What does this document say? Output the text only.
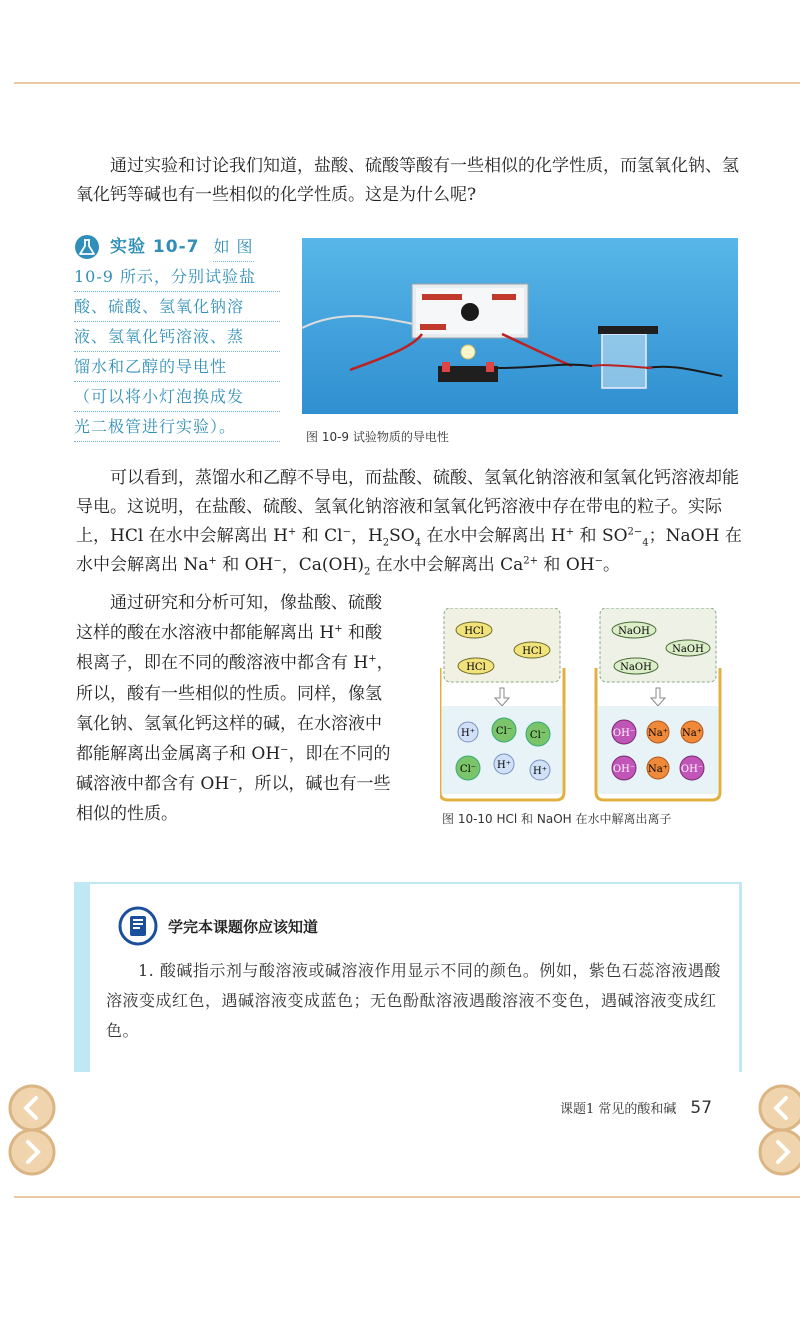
通过实验和讨论我们知道，盐酸、硫酸等酸有一些相似的化学性质，而氢氧化钠、氢氧化钙等碱也有一些相似的化学性质。这是为什么呢?

实验 10-7 如 图
10-9 所示，分别试验盐
酸、硫酸、氢氧化钠溶
液、氢氧化钙溶液、蒸
馏水和乙醇的导电性
（可以将小灯泡换成发
光二极管进行实验）。
图 10-9 试验物质的导电性

可以看到，蒸馏水和乙醇不导电，而盐酸、硫酸、氢氧化钠溶液和氢氧化钙溶液却能导电。这说明，在盐酸、硫酸、氢氧化钠溶液和氢氧化钙溶液中存在带电的粒子。实际上，HCl 在水中会解离出 H+ 和 Cl−，$H_2SO_4$ 在水中会解离出 H+ 和 $SO^{2-}_4$；NaOH 在水中会解离出 Na+ 和 OH−，$Ca(OH)_2$ 在水中会解离出 $Ca^{2+}$ 和 OH−。

通过研究和分析可知，像盐酸、硫酸这样的酸在水溶液中都能解离出 H+ 和酸根离子，即在不同的酸溶液中都含有 H+，所以，酸有一些相似的性质。同样，像氢氧化钠、氢氧化钙这样的碱，在水溶液中都能解离出金属离子和 OH−，即在不同的碱溶液中都含有 OH−，所以，碱也有一些相似的性质。

HCl
HCl
HCl
H⁺ Cl⁻ Cl⁻
Cl⁻ H⁺
H⁺
NaOH
NaOH
NaOH
OH⁻ Na⁺ Na⁺
OH⁻ Na⁺ OH⁻
图 10-10 HCl 和 NaOH 在水中解离出离子
学完本课题你应该知道

1. 酸碱指示剂与酸溶液或碱溶液作用显示不同的颜色。例如，紫色石蕊溶液遇酸溶液变成红色，遇碱溶液变成蓝色；无色酚酞溶液遇酸溶液不变色，遇碱溶液变成红色。

课题1 常见的酸和碱 57
